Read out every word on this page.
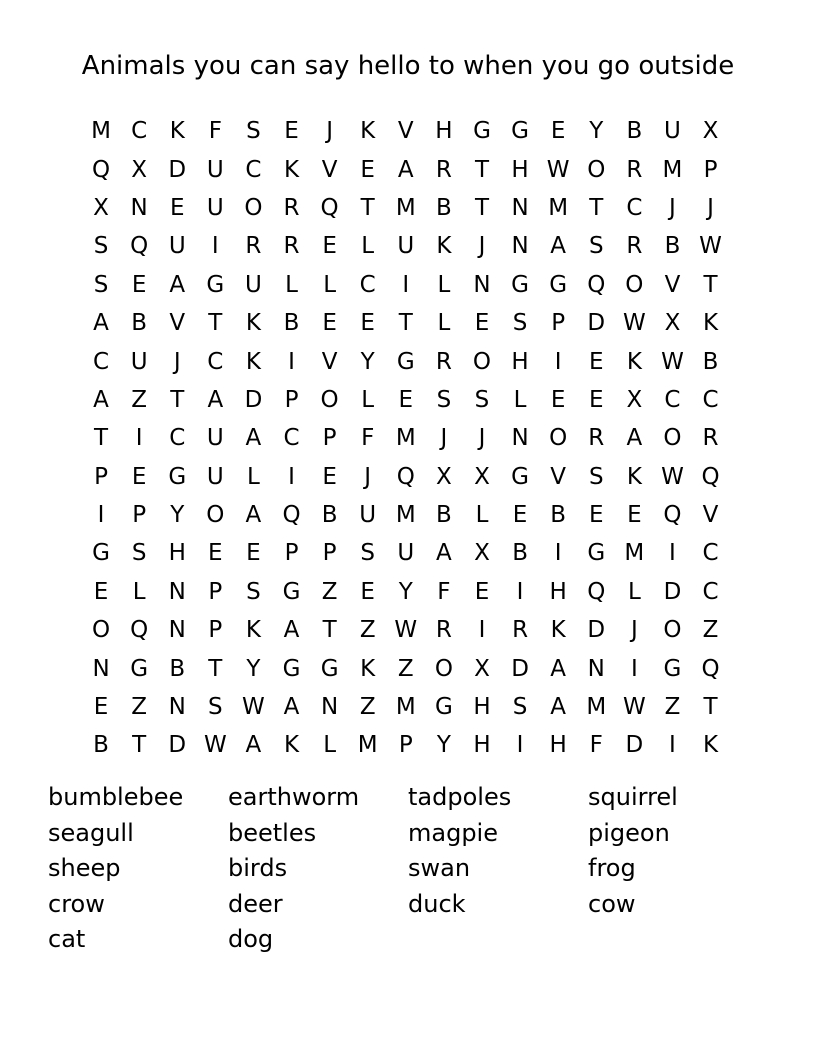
Animals you can say hello to when you go outside
M C K	F	S	E	J	K V H G G E	Y	B U X
Q X D U C K V E A R	T H W O R M P
X N E U O R Q T M B	T N M T	C	J	J
S Q U	I	R R E	L	U K	J	N A S R B W
S	E A G U	L	L	C	I	L	N G G Q O V	T
A B V	T	K B E	E	T	L	E	S	P D W X K
C U	J	C K	I	V	Y G R O H	I	E	K W B
A Z	T	A D P O L	E	S	S	L	E	E X C C
T	I	C U A C	P	F M	J	J	N O R A O R
P	E G U	L	I	E	J	Q X X G V S	K W Q
I	P	Y O A Q B U M B	L	E B E	E Q V
G S H E	E	P	P	S U A X B	I	G M	I	C
E	L	N P	S G Z E	Y	F	E	I	H Q L D C
O Q N P	K A	T	Z W R	I	R K D	J	O Z
N G B	T	Y G G K Z O X D A N	I	G Q
E Z N S W A N Z M G H S A M W Z	T
B	T D W A K	L M P	Y H	I	H F D	I	K
bumblebee
seagull
sheep
crow
cat
earthworm
beetles
birds
deer
dog
tadpoles
magpie
swan
duck
squirrel
pigeon
frog
cow
